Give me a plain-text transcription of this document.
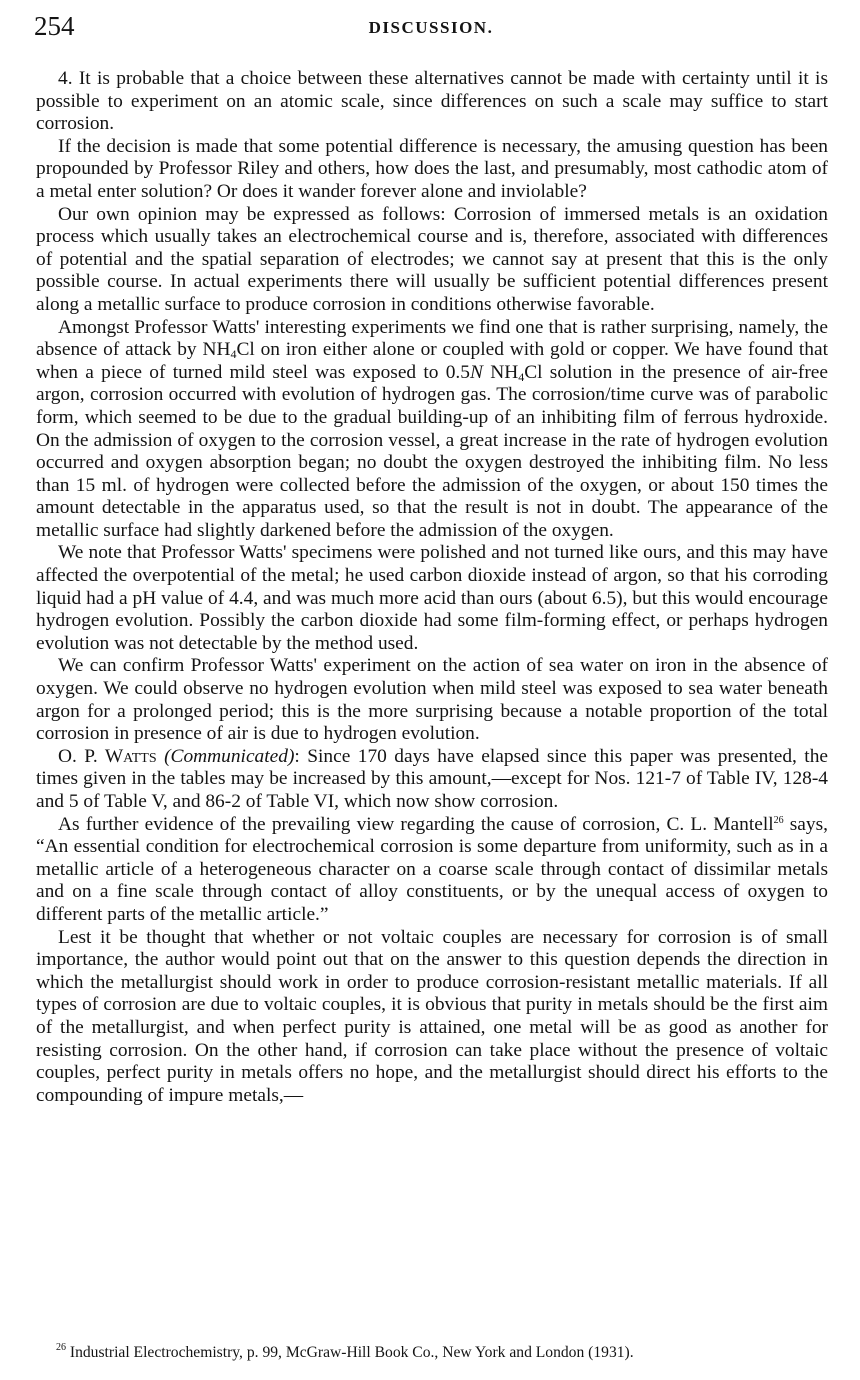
254	DISCUSSION.

4. It is probable that a choice between these alternatives cannot be made with certainty until it is possible to experiment on an atomic scale, since differences on such a scale may suffice to start corrosion.

If the decision is made that some potential difference is necessary, the amusing question has been propounded by Professor Riley and others, how does the last, and presumably, most cathodic atom of a metal enter solution? Or does it wander forever alone and inviolable?

Our own opinion may be expressed as follows: Corrosion of immersed metals is an oxidation process which usually takes an electrochemical course and is, therefore, associated with differences of potential and the spatial separation of electrodes; we cannot say at present that this is the only possible course. In actual experiments there will usually be sufficient potential differences present along a metallic surface to produce corrosion in conditions otherwise favorable.

Amongst Professor Watts' interesting experiments we find one that is rather surprising, namely, the absence of attack by $NH_4Cl$ on iron either alone or coupled with gold or copper. We have found that when a piece of turned mild steel was exposed to 0.5N $NH_4Cl$ solution in the presence of air-free argon, corrosion occurred with evolution of hydrogen gas. The corrosion/time curve was of parabolic form, which seemed to be due to the gradual building-up of an inhibiting film of ferrous hydroxide. On the admission of oxygen to the corrosion vessel, a great increase in the rate of hydrogen evolution occurred and oxygen absorption began; no doubt the oxygen destroyed the inhibiting film. No less than 15 ml. of hydrogen were collected before the admission of the oxygen, or about 150 times the amount detectable in the apparatus used, so that the result is not in doubt. The appearance of the metallic surface had slightly darkened before the admission of the oxygen.

We note that Professor Watts' specimens were polished and not turned like ours, and this may have affected the overpotential of the metal; he used carbon dioxide instead of argon, so that his corroding liquid had a pH value of 4.4, and was much more acid than ours (about 6.5), but this would encourage hydrogen evolution. Possibly the carbon dioxide had some film-forming effect, or perhaps hydrogen evolution was not detectable by the method used.

We can confirm Professor Watts' experiment on the action of sea water on iron in the absence of oxygen. We could observe no hydrogen evolution when mild steel was exposed to sea water beneath argon for a prolonged period; this is the more surprising because a notable proportion of the total corrosion in presence of air is due to hydrogen evolution.

O. P. Watts (Communicated): Since 170 days have elapsed since this paper was presented, the times given in the tables may be increased by this amount,—except for Nos. 121-7 of Table IV, 128-4 and 5 of Table V, and 86-2 of Table VI, which now show corrosion.

As further evidence of the prevailing view regarding the cause of corrosion, C. L. Mantell$^{26}$ says, “An essential condition for electrochemical corrosion is some departure from uniformity, such as in a metallic article of a heterogeneous character on a coarse scale through contact of dissimilar metals and on a fine scale through contact of alloy constituents, or by the unequal access of oxygen to different parts of the metallic article.”

Lest it be thought that whether or not voltaic couples are necessary for corrosion is of small importance, the author would point out that on the answer to this question depends the direction in which the metallurgist should work in order to produce corrosion-resistant metallic materials. If all types of corrosion are due to voltaic couples, it is obvious that purity in metals should be the first aim of the metallurgist, and when perfect purity is attained, one metal will be as good as another for resisting corrosion. On the other hand, if corrosion can take place without the presence of voltaic couples, perfect purity in metals offers no hope, and the metallurgist should direct his efforts to the compounding of impure metals,—

$^{26}$ Industrial Electrochemistry, p. 99, McGraw-Hill Book Co., New York and London (1931).
